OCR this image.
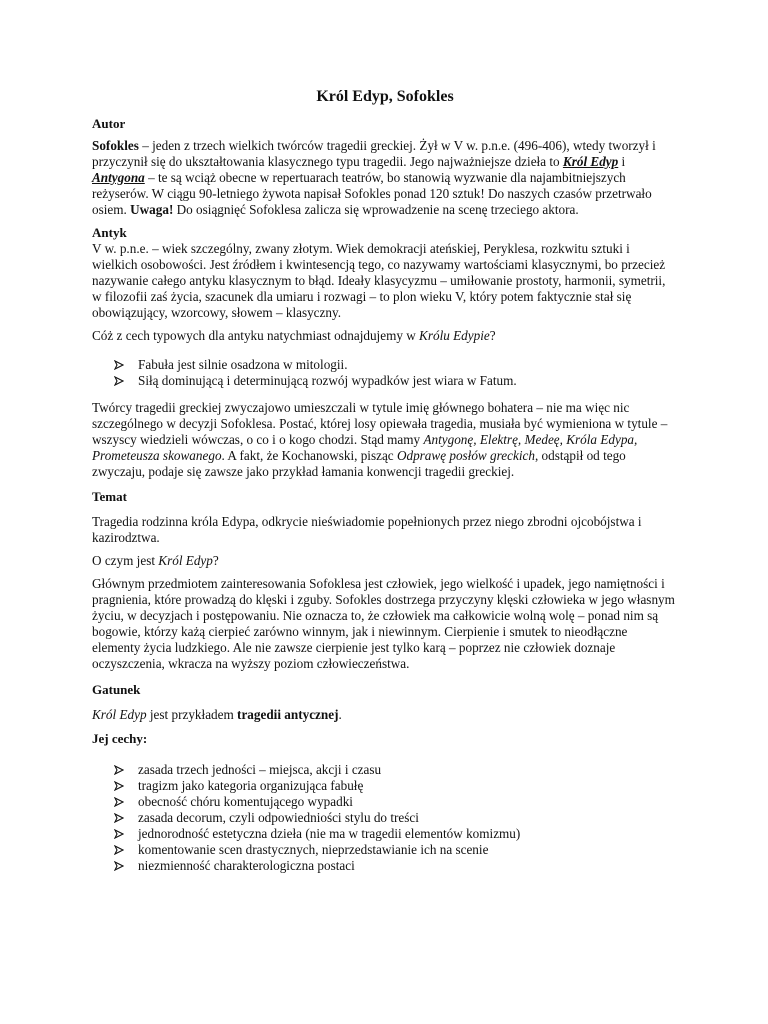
Król Edyp, Sofokles
Autor

Sofokles – jeden z trzech wielkich twórców tragedii greckiej. Żył w V w. p.n.e. (496-406), wtedy tworzył i przyczynił się do ukształtowania klasycznego typu tragedii. Jego najważniejsze dzieła to Król Edyp i Antygona – te są wciąż obecne w repertuarach teatrów, bo stanowią wyzwanie dla najambitniejszych reżyserów. W ciągu 90-letniego żywota napisał Sofokles ponad 120 sztuk! Do naszych czasów przetrwało osiem. Uwaga! Do osiągnięć Sofoklesa zalicza się wprowadzenie na scenę trzeciego aktora.

Antyk

V w. p.n.e. – wiek szczególny, zwany złotym. Wiek demokracji ateńskiej, Peryklesa, rozkwitu sztuki i wielkich osobowości. Jest źródłem i kwintesencją tego, co nazywamy wartościami klasycznymi, bo przecież nazywanie całego antyku klasycznym to błąd. Ideały klasycyzmu – umiłowanie prostoty, harmonii, symetrii, w filozofii zaś życia, szacunek dla umiaru i rozwagi – to plon wieku V, który potem faktycznie stał się obowiązujący, wzorcowy, słowem – klasyczny.

Cóż z cech typowych dla antyku natychmiast odnajdujemy w Królu Edypie?

Fabuła jest silnie osadzona w mitologii.
Siłą dominującą i determinującą rozwój wypadków jest wiara w Fatum.

Twórcy tragedii greckiej zwyczajowo umieszczali w tytule imię głównego bohatera – nie ma więc nic szczególnego w decyzji Sofoklesa. Postać, której losy opiewała tragedia, musiała być wymieniona w tytule – wszyscy wiedzieli wówczas, o co i o kogo chodzi. Stąd mamy Antygonę, Elektrę, Medeę, Króla Edypa, Prometeusza skowanego. A fakt, że Kochanowski, pisząc Odprawę posłów greckich, odstąpił od tego zwyczaju, podaje się zawsze jako przykład łamania konwencji tragedii greckiej.

Temat

Tragedia rodzinna króla Edypa, odkrycie nieświadomie popełnionych przez niego zbrodni ojcobójstwa i kazirodztwa.

O czym jest Król Edyp?

Głównym przedmiotem zainteresowania Sofoklesa jest człowiek, jego wielkość i upadek, jego namiętności i pragnienia, które prowadzą do klęski i zguby. Sofokles dostrzega przyczyny klęski człowieka w jego własnym życiu, w decyzjach i postępowaniu. Nie oznacza to, że człowiek ma całkowicie wolną wolę – ponad nim są bogowie, którzy każą cierpieć zarówno winnym, jak i niewinnym. Cierpienie i smutek to nieodłączne elementy życia ludzkiego. Ale nie zawsze cierpienie jest tylko karą – poprzez nie człowiek doznaje oczyszczenia, wkracza na wyższy poziom człowieczeństwa.

Gatunek

Król Edyp jest przykładem tragedii antycznej.

Jej cechy:
zasada trzech jedności – miejsca, akcji i czasu
tragizm jako kategoria organizująca fabułę
obecność chóru komentującego wypadki
zasada decorum, czyli odpowiedniości stylu do treści
jednorodność estetyczna dzieła (nie ma w tragedii elementów komizmu)
komentowanie scen drastycznych, nieprzedstawianie ich na scenie
niezmienność charakterologiczna postaci
